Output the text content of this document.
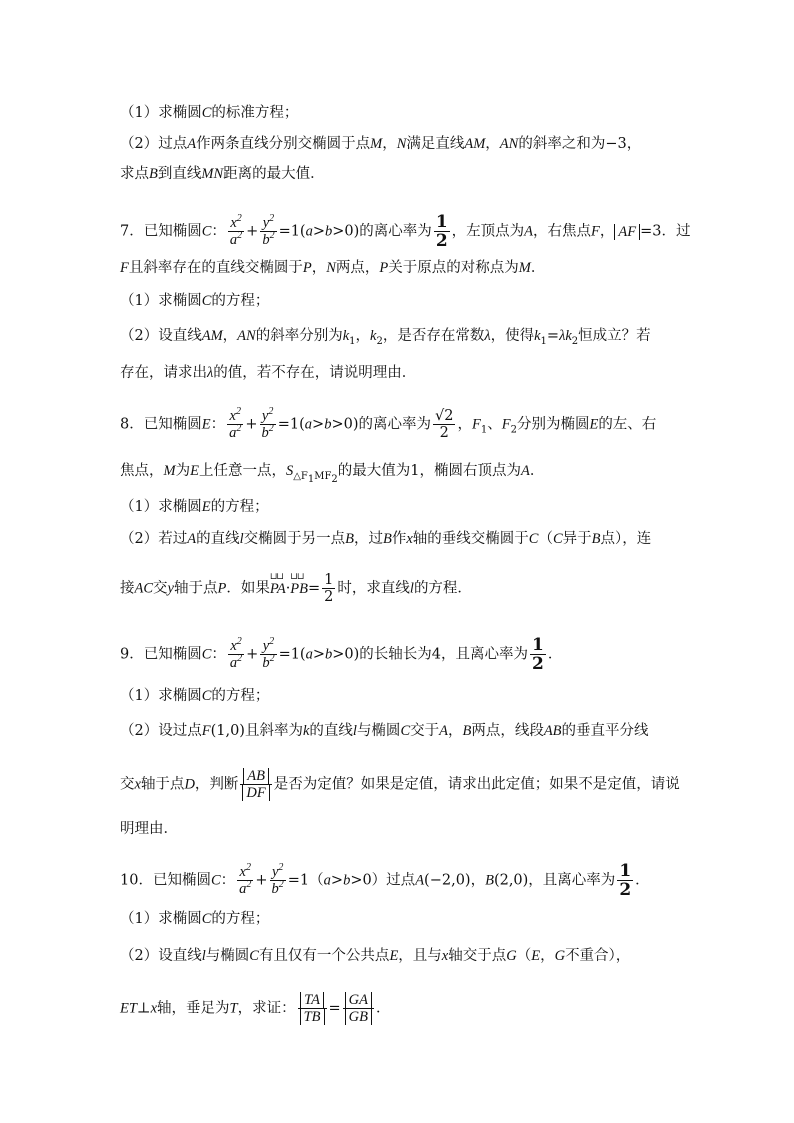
（1）求椭圆C的标准方程；
（2）过点A作两条直线分别交椭圆于点M，N满足直线AM，AN的斜率之和为−3，
求点B到直线MN距离的最大值．
7．已知椭圆C： $\frac{x^2}{a^2} + \frac{y^2}{b^2} =1(a>b>0)$的离心率为 $\frac{1}{2}$ ，左顶点为A，右焦点F， AF =3．过
F且斜率存在的直线交椭圆于P，N两点，P关于原点的对称点为M．
（1）求椭圆C的方程；
（2）设直线AM，AN的斜率分别为$k_1$，$k_2$，是否存在常数λ，使得$k_1=\lambda k_2$恒成立？若
存在，请求出λ的值，若不存在，请说明理由．
8．已知椭圆E： $\frac{x^2}{a^2} + \frac{y^2}{b^2} =1(a>b>0)$的离心率为 $\frac{√2}{2}$ ，$F_1$、$F_2$分别为椭圆E的左、右
焦点，M为E上任意一点，$S_{\triangle F_1MF_2}$的最大值为1，椭圆右顶点为A．
（1）求椭圆E的方程；
（2）若过A的直线l交椭圆于另一点B，过B作x轴的垂线交椭圆于C（C异于B点），连
接AC交y轴于点P．如果⊔⊔ PA·⊔⊔ $PB= \frac{1}{2}$ 时，求直线l的方程．
9．已知椭圆C： $\frac{x^2}{a^2} + \frac{y^2}{b^2} =1(a>b>0)$的长轴长为4，且离心率为 $\frac{1}{2}$ ．
（1）求椭圆C的方程；
（2）设过点F(1,0)且斜率为k的直线l与椭圆C交于A，B两点，线段AB的垂直平分线
交x轴于点D，判断 $\frac{AB}{DF}$ 是否为定值？如果是定值，请求出此定值；如果不是定值，请说
明理由．
10．已知椭圆C： $\frac{x^2}{a^2} + \frac{y^2}{b^2} =1(a>b>0)$过点A(−2,0)，B(2,0)，且离心率为 $\frac{1}{2}$ ．
（1）求椭圆C的方程；
（2）设直线l与椭圆C有且仅有一个公共点E，且与x轴交于点G（E，G不重合），
ET⊥x轴，垂足为T，求证： $\frac{TA}{TB} = \frac{GA}{GB}$ ．
